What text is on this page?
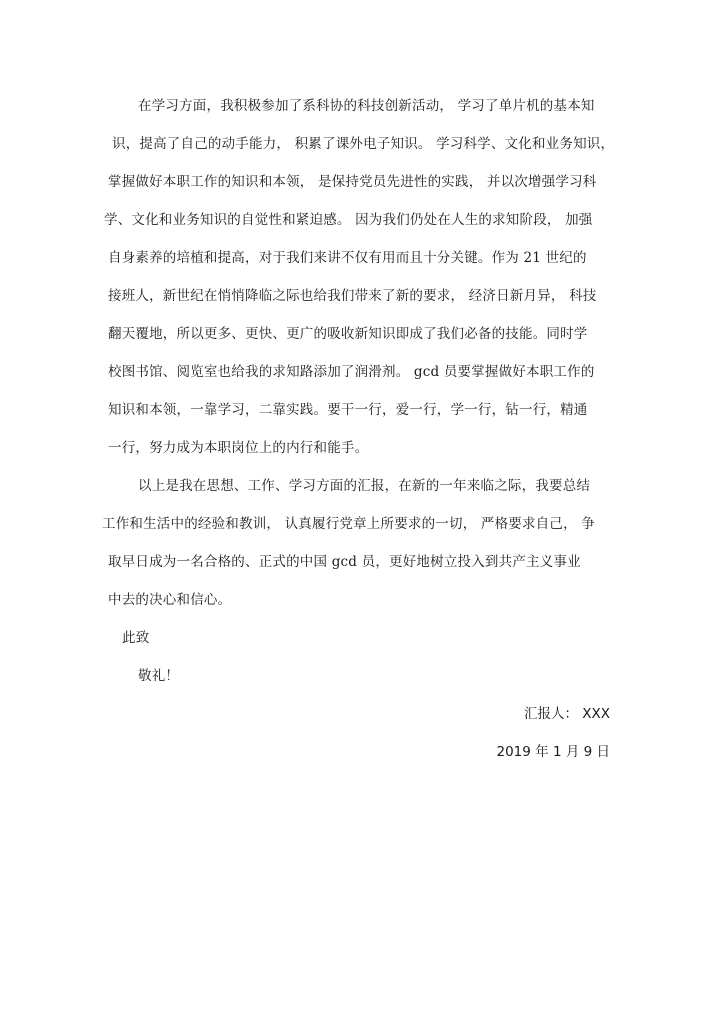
在学习方面，我积极参加了系科协的科技创新活动， 学习了单片机的基本知
识，提高了自己的动手能力， 积累了课外电子知识。 学习科学、文化和业务知识，
掌握做好本职工作的知识和本领， 是保持党员先进性的实践， 并以次增强学习科
学、文化和业务知识的自觉性和紧迫感。 因为我们仍处在人生的求知阶段， 加强
自身素养的培植和提高，对于我们来讲不仅有用而且十分关键。作为 21 世纪的
接班人，新世纪在悄悄降临之际也给我们带来了新的要求， 经济日新月异， 科技
翻天覆地，所以更多、更快、更广的吸收新知识即成了我们必备的技能。同时学
校图书馆、阅览室也给我的求知路添加了润滑剂。 gcd 员要掌握做好本职工作的
知识和本领，一靠学习，二靠实践。要干一行，爱一行，学一行，钻一行，精通
一行，努力成为本职岗位上的内行和能手。
以上是我在思想、工作、学习方面的汇报，在新的一年来临之际，我要总结
工作和生活中的经验和教训， 认真履行党章上所要求的一切， 严格要求自己， 争
取早日成为一名合格的、正式的中国 gcd 员，更好地树立投入到共产主义事业
中去的决心和信心。
此致
敬礼！
汇报人： XXX
2019 年 1 月 9 日
